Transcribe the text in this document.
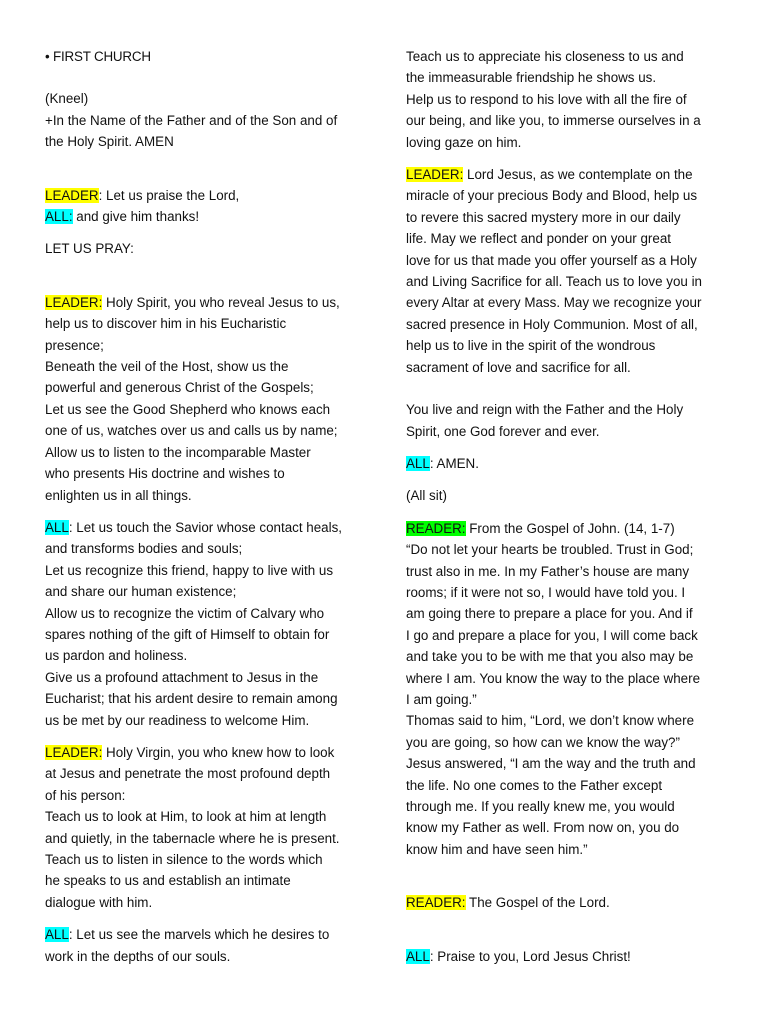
• FIRST CHURCH
(Kneel)
+In the Name of the Father and of the Son and of
the Holy Spirit. AMEN
LEADER: Let us praise the Lord,
ALL: and give him thanks!
LET US PRAY:
LEADER: Holy Spirit, you who reveal Jesus to us,
help us to discover him in his Eucharistic
presence;
Beneath the veil of the Host, show us the
powerful and generous Christ of the Gospels;
Let us see the Good Shepherd who knows each
one of us, watches over us and calls us by name;
Allow us to listen to the incomparable Master
who presents His doctrine and wishes to
enlighten us in all things.
ALL: Let us touch the Savior whose contact heals,
and transforms bodies and souls;
Let us recognize this friend, happy to live with us
and share our human existence;
Allow us to recognize the victim of Calvary who
spares nothing of the gift of Himself to obtain for
us pardon and holiness.
Give us a profound attachment to Jesus in the
Eucharist; that his ardent desire to remain among
us be met by our readiness to welcome Him.
LEADER: Holy Virgin, you who knew how to look
at Jesus and penetrate the most profound depth
of his person:
Teach us to look at Him, to look at him at length
and quietly, in the tabernacle where he is present.
Teach us to listen in silence to the words which
he speaks to us and establish an intimate
dialogue with him.
ALL: Let us see the marvels which he desires to
work in the depths of our souls.
Teach us to appreciate his closeness to us and
the immeasurable friendship he shows us.
Help us to respond to his love with all the fire of
our being, and like you, to immerse ourselves in a
loving gaze on him.
LEADER: Lord Jesus, as we contemplate on the
miracle of your precious Body and Blood, help us
to revere this sacred mystery more in our daily
life. May we reflect and ponder on your great
love for us that made you offer yourself as a Holy
and Living Sacrifice for all. Teach us to love you in
every Altar at every Mass. May we recognize your
sacred presence in Holy Communion. Most of all,
help us to live in the spirit of the wondrous
sacrament of love and sacrifice for all.
You live and reign with the Father and the Holy
Spirit, one God forever and ever.
ALL: AMEN.
(All sit)
READER: From the Gospel of John. (14, 1-7)
“Do not let your hearts be troubled. Trust in God;
trust also in me. In my Father’s house are many
rooms; if it were not so, I would have told you. I
am going there to prepare a place for you. And if
I go and prepare a place for you, I will come back
and take you to be with me that you also may be
where I am. You know the way to the place where
I am going.”
Thomas said to him, “Lord, we don’t know where
you are going, so how can we know the way?”
Jesus answered, “I am the way and the truth and
the life. No one comes to the Father except
through me. If you really knew me, you would
know my Father as well. From now on, you do
know him and have seen him.”
READER: The Gospel of the Lord.
ALL: Praise to you, Lord Jesus Christ!
